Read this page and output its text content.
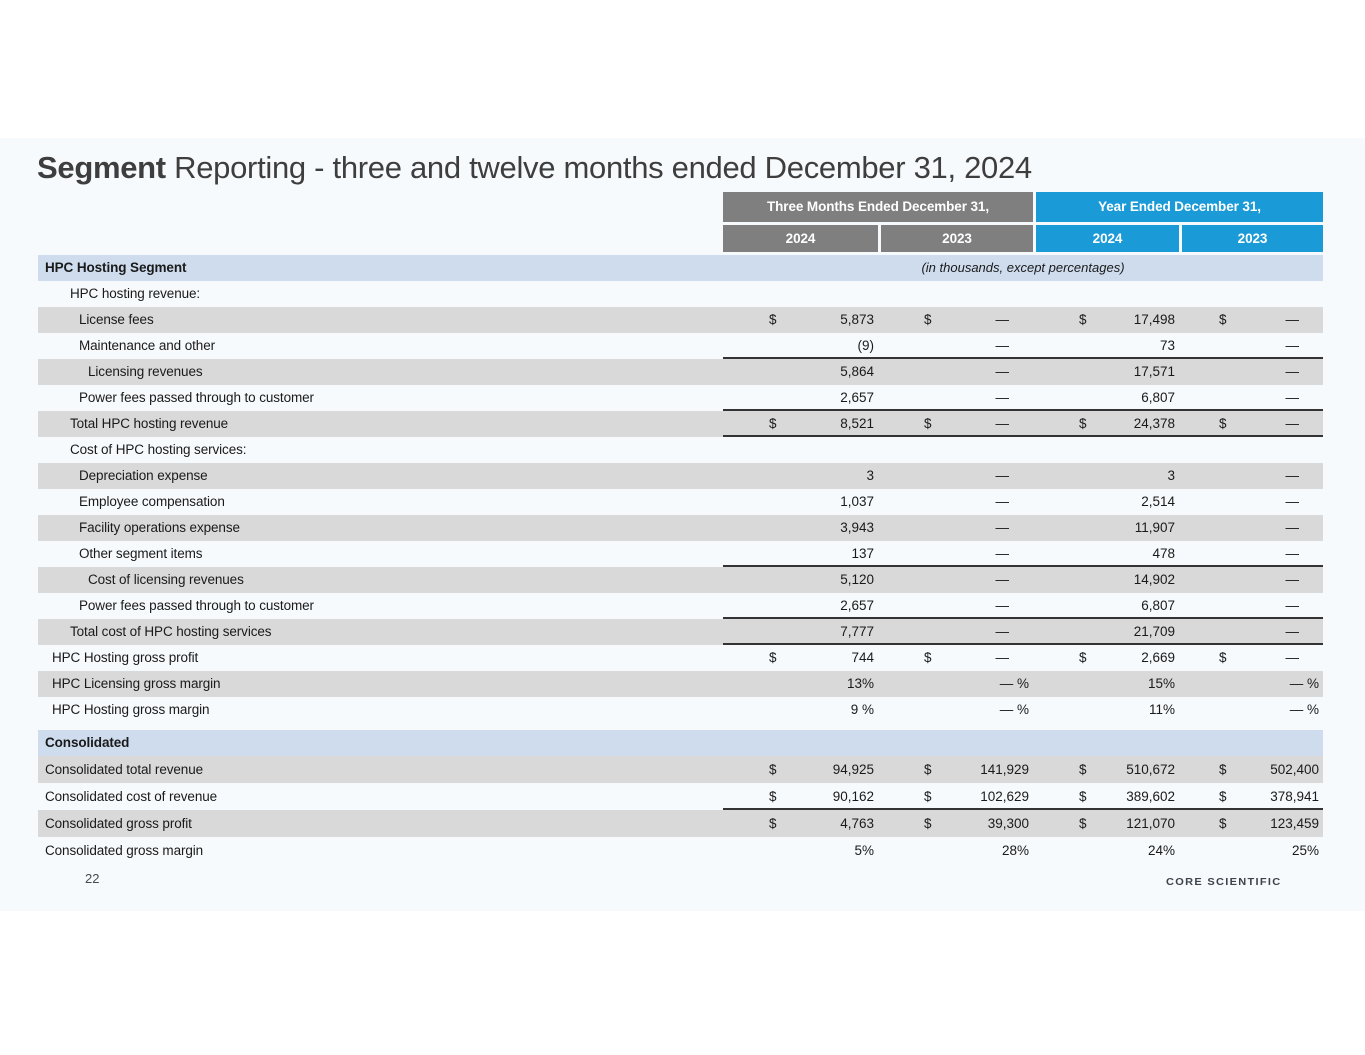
Segment Reporting - three and twelve months ended December 31, 2024
Three Months Ended December 31,	Year Ended December 31,
2024	2023	2024	2023
HPC Hosting Segment	(in thousands, except percentages)
HPC hosting revenue:
License fees	$	5,873	$	—	$	17,498	$	—
Maintenance and other	(9)	—	73	—
Licensing revenues	5,864	—	17,571	—
Power fees passed through to customer	2,657	—	6,807	—
Total HPC hosting revenue	$	8,521	$	—	$	24,378	$	—
Cost of HPC hosting services:
Depreciation expense	3	—	3	—
Employee compensation	1,037	—	2,514	—
Facility operations expense	3,943	—	11,907	—
Other segment items	137	—	478	—
Cost of licensing revenues	5,120	—	14,902	—
Power fees passed through to customer	2,657	—	6,807	—
Total cost of HPC hosting services	7,777	—	21,709	—
HPC Hosting gross profit	$	744	$	—	$	2,669	$	—
HPC Licensing gross margin	13%	— %	15%	— %
HPC Hosting gross margin	9 %	— %	11%	— %
Consolidated
Consolidated total revenue	$	94,925	$	141,929	$	510,672	$	502,400
Consolidated cost of revenue	$	90,162	$	102,629	$	389,602	$	378,941
Consolidated gross profit	$	4,763	$	39,300	$	121,070	$	123,459
Consolidated gross margin	5%	28%	24%	25%
22	CORE SCIENTIFIC
